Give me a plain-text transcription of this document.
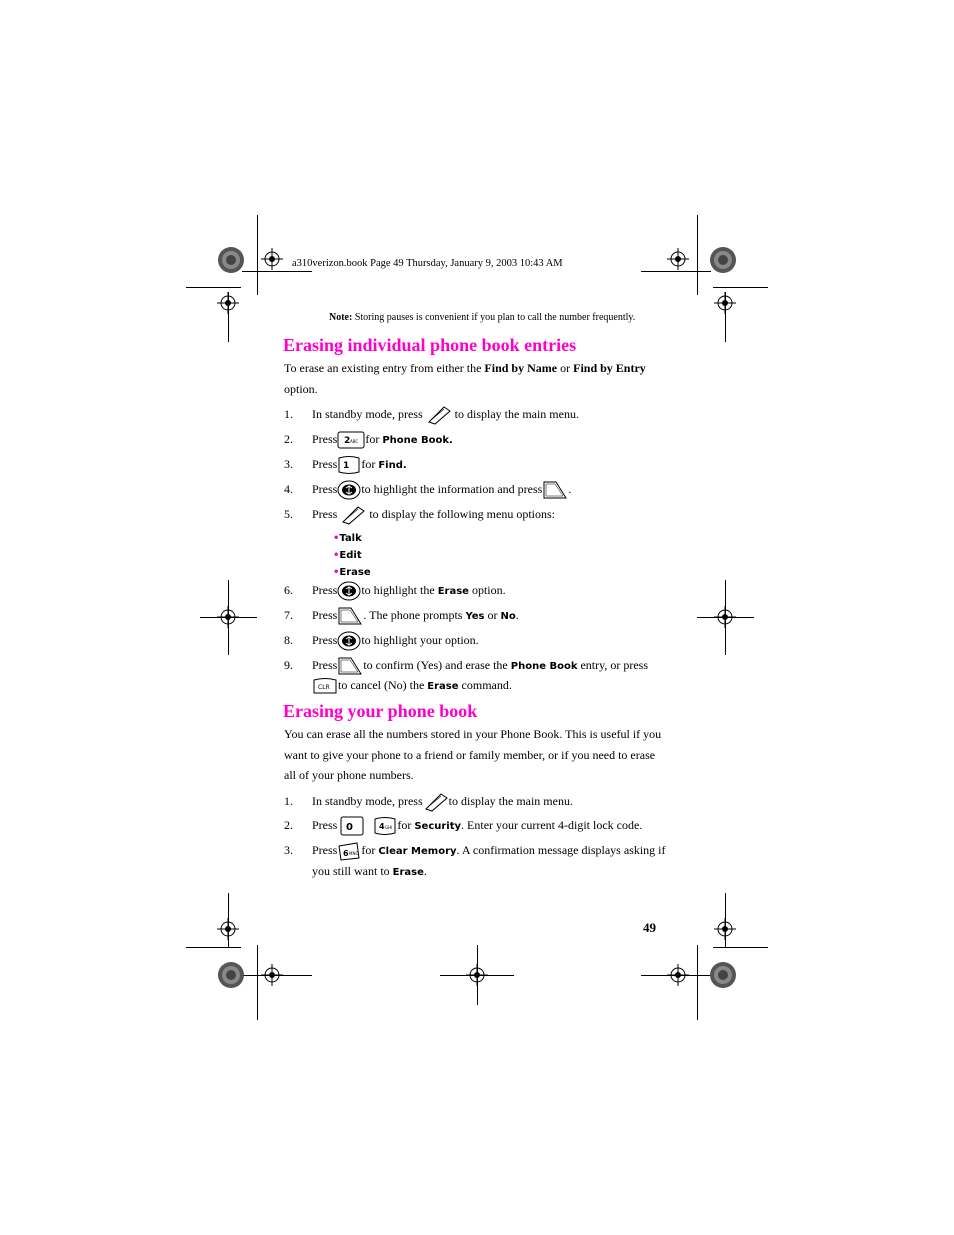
a310verizon.book Page 49 Thursday, January 9, 2003 10:43 AM
Note: Storing pauses is convenient if you plan to call the number frequently.
Erasing individual phone book entries
To erase an existing entry from either the Find by Name or Find by Entry
option.
1.	In standby mode, press	to display the main menu.
2.	Press 2 ABC for Phone Book.
3.	Press 1 for Find.
4.	Press to highlight the information and press .
5.	Press	to display the following menu options:
•Talk
•Edit
•Erase
6.	Press to highlight the Erase option.
7.	Press . The phone prompts Yes or No.
8.	Press to highlight your option.
9.	Press to confirm (Yes) and erase the Phone Book entry, or press
CLR to cancel (No) the Erase command.
Erasing your phone book
You can erase all the numbers stored in your Phone Book. This is useful if you
want to give your phone to a friend or family member, or if you need to erase
all of your phone numbers.
1.	In standby mode, press to display the main menu.
2.	Press 0
	4 GHI for Security. Enter your current 4-digit lock code.
3.	Press 6 MNO for Clear Memory. A confirmation message displays asking if
you still want to Erase.
49
